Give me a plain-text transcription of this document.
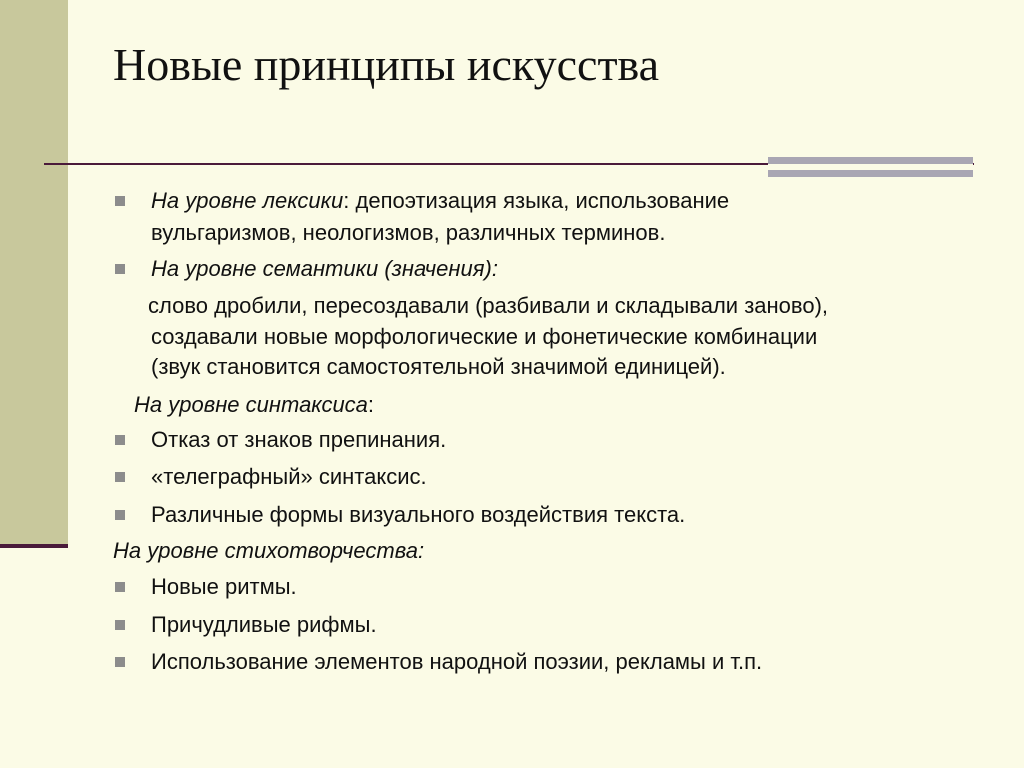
Новые принципы искусства
На уровне лексики: депоэтизация языка, использование
вульгаризмов, неологизмов, различных терминов.
На уровне семантики (значения):
слово дробили, пересоздавали (разбивали и складывали заново),
создавали новые морфологические и фонетические комбинации
(звук становится самостоятельной значимой единицей).
На уровне синтаксиса:
Отказ от знаков препинания.
«телеграфный» синтаксис.
Различные формы визуального воздействия текста.
На уровне стихотворчества:
Новые ритмы.
Причудливые рифмы.
Использование элементов народной поэзии, рекламы и т.п.
